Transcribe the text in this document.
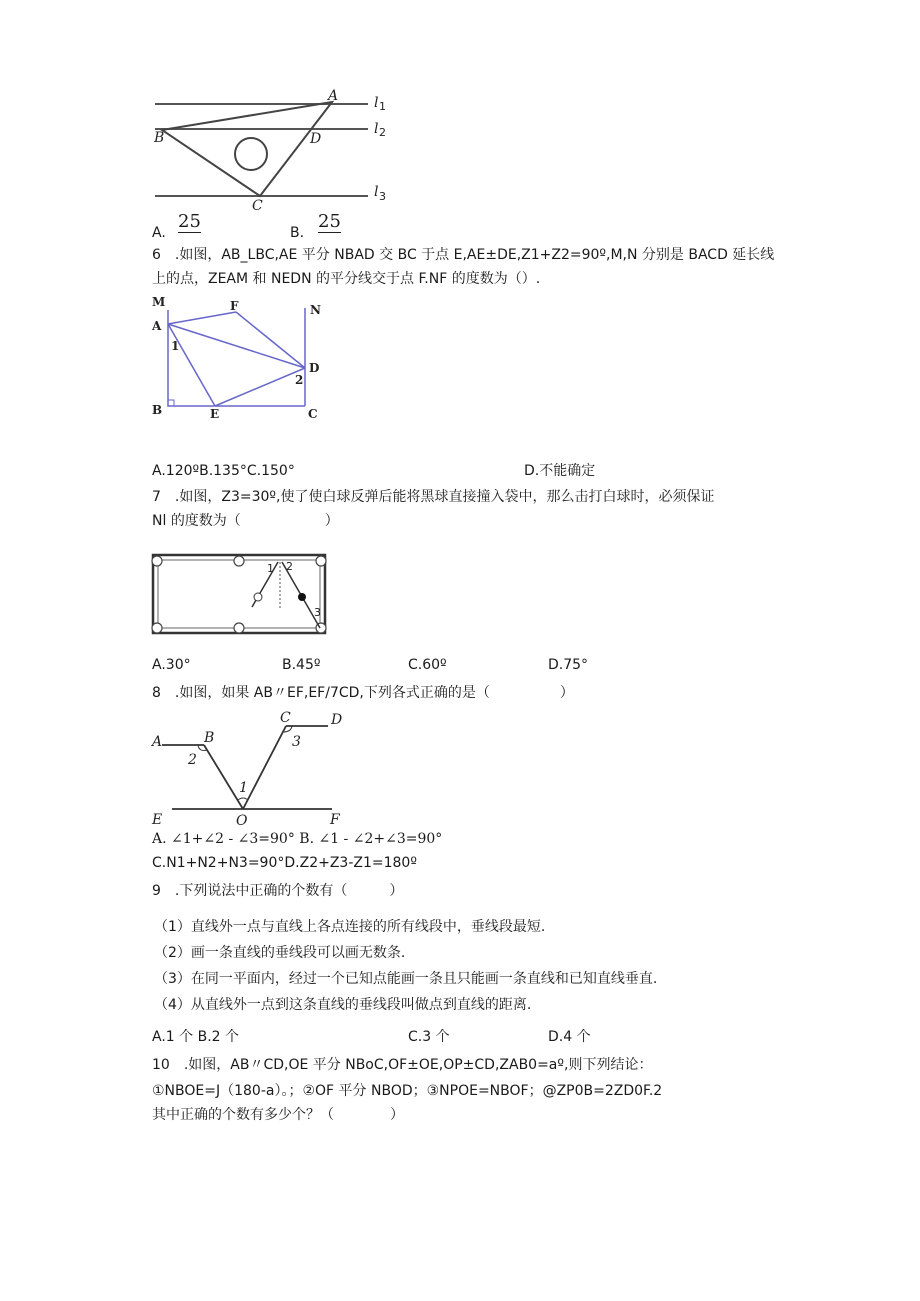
A
B	D
C
l 1
l 2
l 3
A.
25
B.
25
6　.如图，AB_LBC,AE 平分 NBAD 交 BC 于点 E,AE±DE,Z1+Z2=90º,M,N 分别是 BACD 延长线
上的点，ZEAM 和 NEDN 的平分线交于点 F.NF 的度数为（）.
M	F	N
A
1
D
2
B	E	C
A.120ºB.135°C.150°	D.不能确定
7　.如图，Z3=30º,使了使白球反弹后能将黑球直接撞入袋中，那么击打白球时，必须保证
Nl 的度数为（　　　　　　）
1 2
3
A.30°	B.45º	C.60º	D.75°
8　.如图，如果 AB〃EF,EF/7CD,下列各式正确的是（　　　　　）
A	B
C	D
1
2
3
E	O	F
A. ∠1+∠2 - ∠3=90° B. ∠1 - ∠2+∠3=90°
C.N1+N2+N3=90°D.Z2+Z3-Z1=180º
9　.下列说法中正确的个数有（　　　）
（1）直线外一点与直线上各点连接的所有线段中，垂线段最短.
（2）画一条直线的垂线段可以画无数条.
（3）在同一平面内，经过一个已知点能画一条且只能画一条直线和已知直线垂直.
（4）从直线外一点到这条直线的垂线段叫做点到直线的距离.
A.1 个 B.2 个	C.3 个	D.4 个
10　.如图，AB〃CD,OE 平分 NBoC,OF±OE,OP±CD,ZAB0=aº,则下列结论：
①NBOE=J（180-a）。；②OF 平分 NBOD；③NPOE=NBOF；@ZP0B=2ZD0F.2
其中正确的个数有多少个？（　　　　）
